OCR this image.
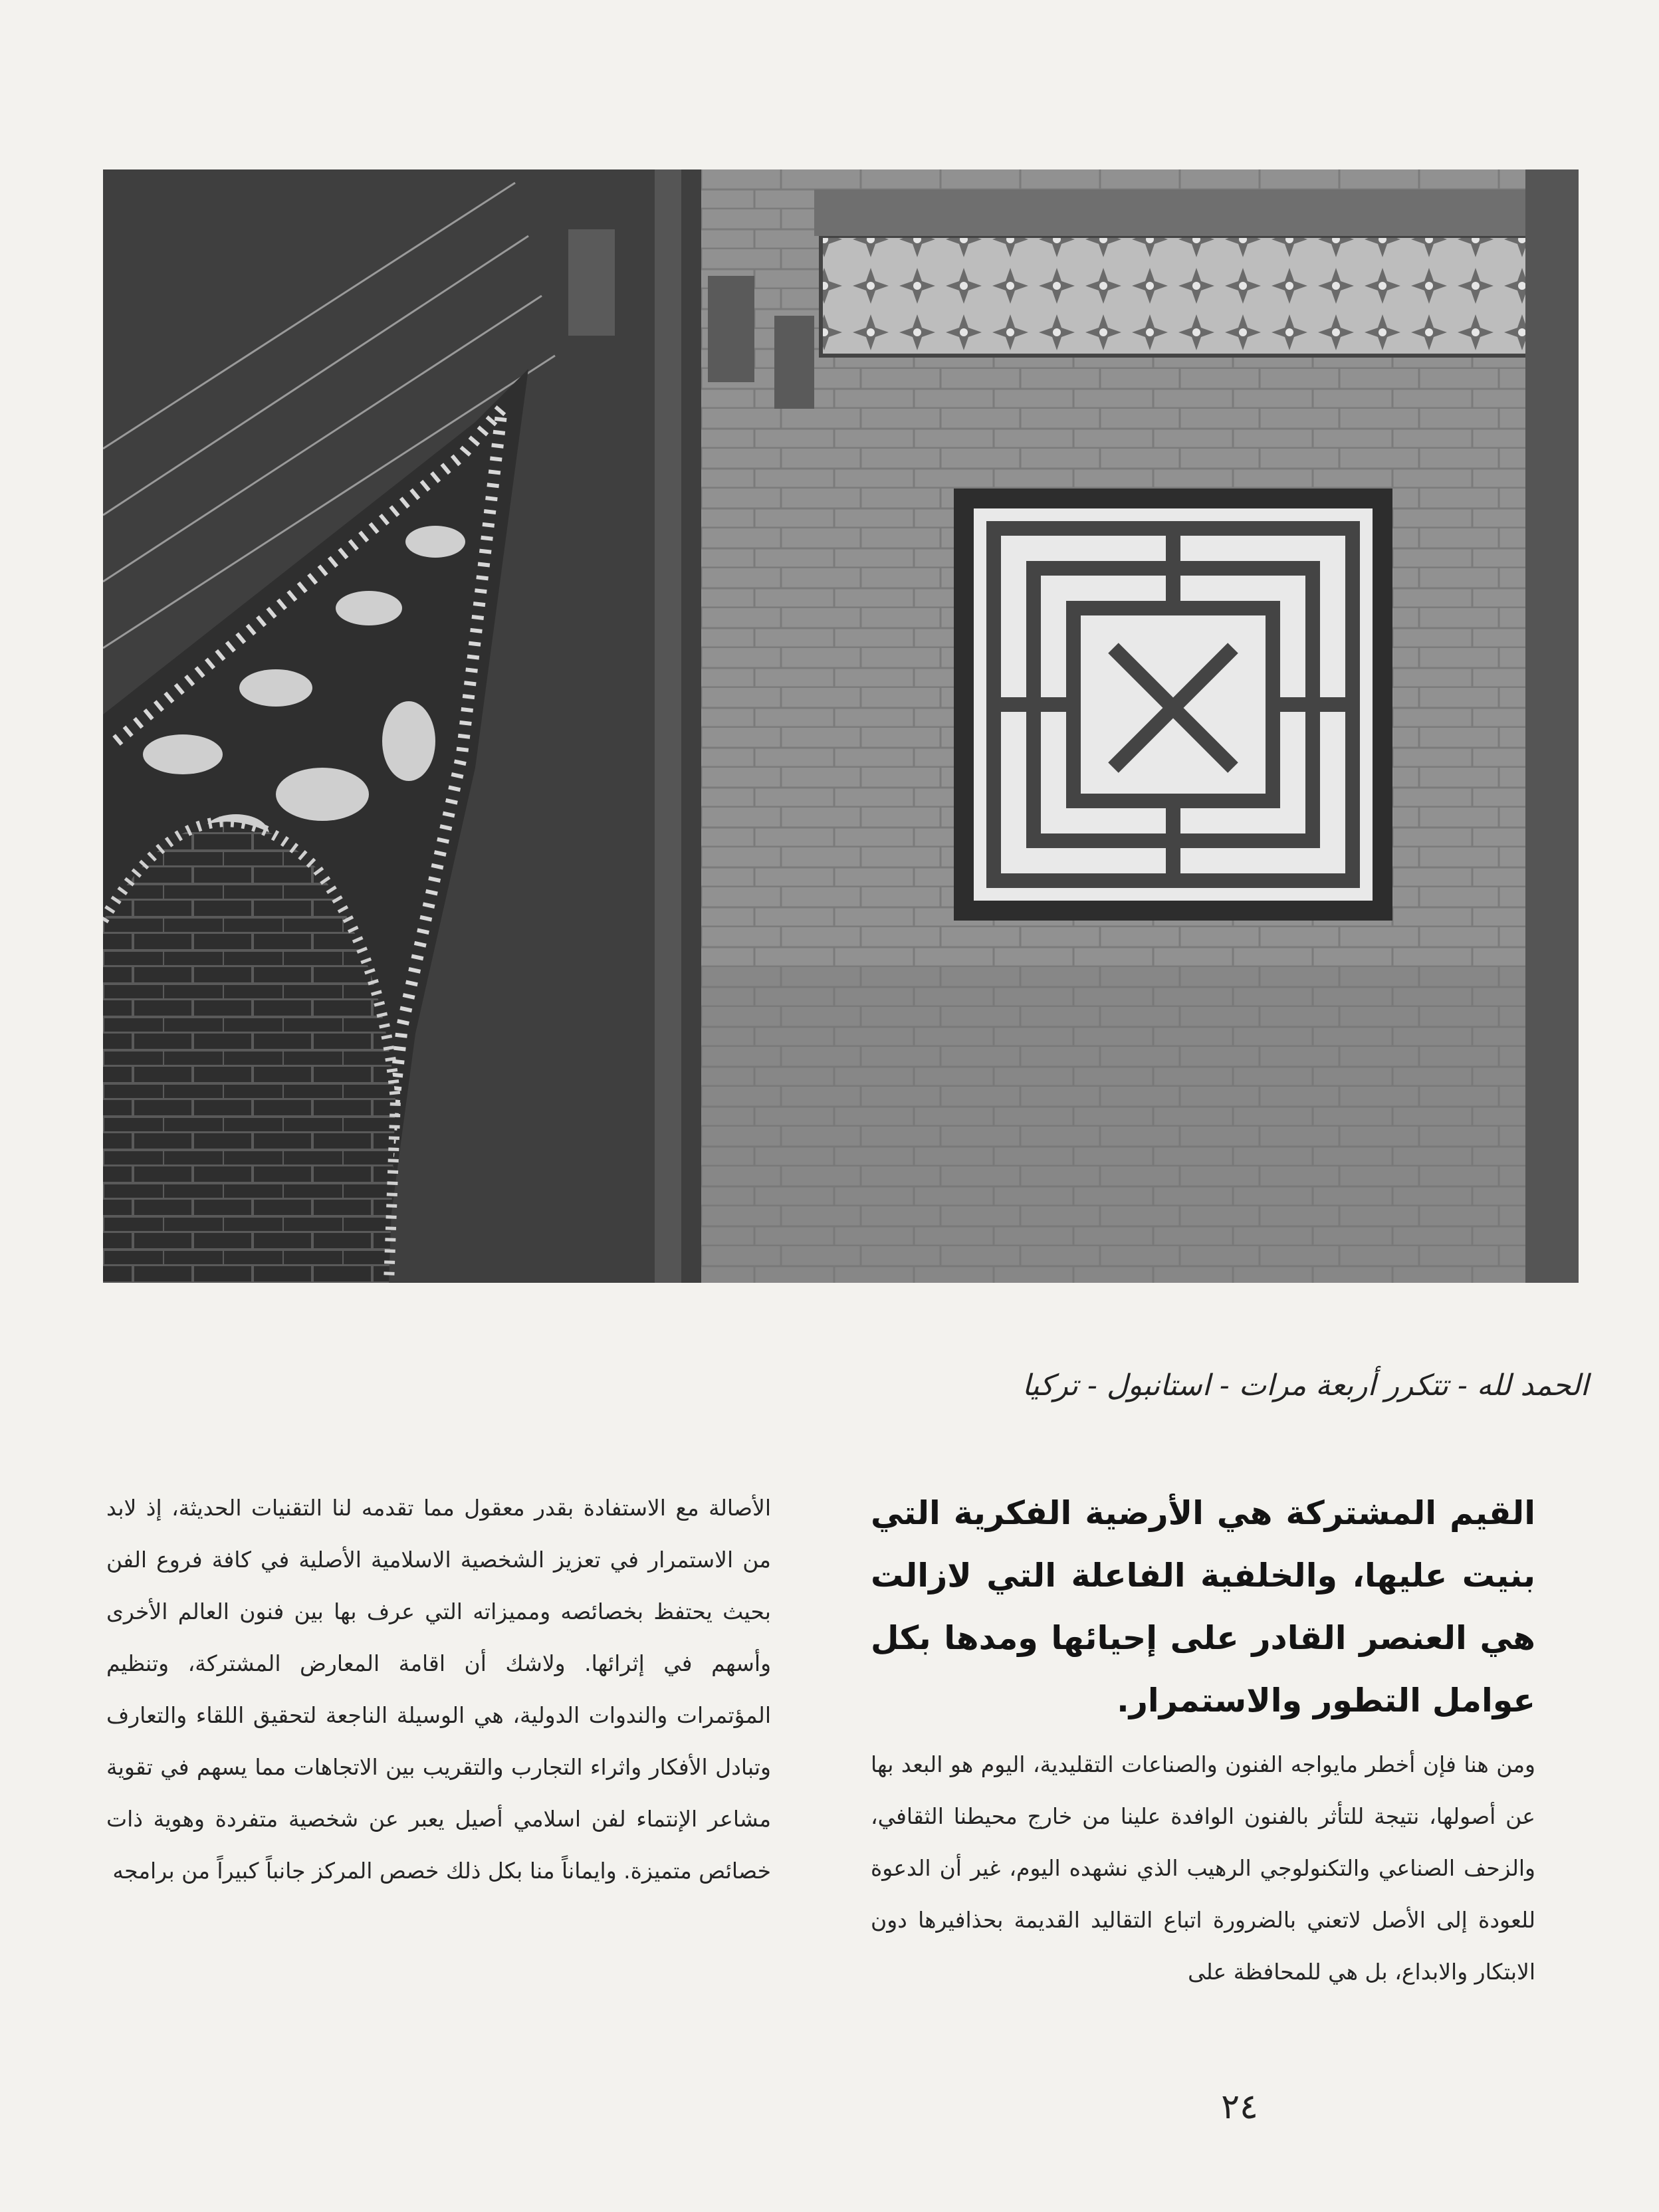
الحمد لله - تتكرر أربعة مرات - استانبول - تركيا

القيم المشتركة هي الأرضية الفكرية التي بنيت عليها، والخلفية الفاعلة التي لازالت هي العنصر القادر على إحيائها ومدها بكل عوامل التطور والاستمرار.

ومن هنا فإن أخطر مايواجه الفنون والصناعات التقليدية، اليوم هو البعد بها عن أصولها، نتيجة للتأثر بالفنون الوافدة علينا من خارج محيطنا الثقافي، والزحف الصناعي والتكنولوجي الرهيب الذي نشهده اليوم، غير أن الدعوة للعودة إلى الأصل لاتعني بالضرورة اتباع التقاليد القديمة بحذافيرها دون الابتكار والابداع، بل هي للمحافظة على

الأصالة مع الاستفادة بقدر معقول مما تقدمه لنا التقنيات الحديثة، إذ لابد من الاستمرار في تعزيز الشخصية الاسلامية الأصلية في كافة فروع الفن بحيث يحتفظ بخصائصه ومميزاته التي عرف بها بين فنون العالم الأخرى وأسهم في إثرائها. ولاشك أن اقامة المعارض المشتركة، وتنظيم المؤتمرات والندوات الدولية، هي الوسيلة الناجعة لتحقيق اللقاء والتعارف وتبادل الأفكار واثراء التجارب والتقريب بين الاتجاهات مما يسهم في تقوية مشاعر الإنتماء لفن اسلامي أصيل يعبر عن شخصية متفردة وهوية ذات خصائص متميزة. وايماناً منا بكل ذلك خصص المركز جانباً كبيراً من برامجه

٢٤
